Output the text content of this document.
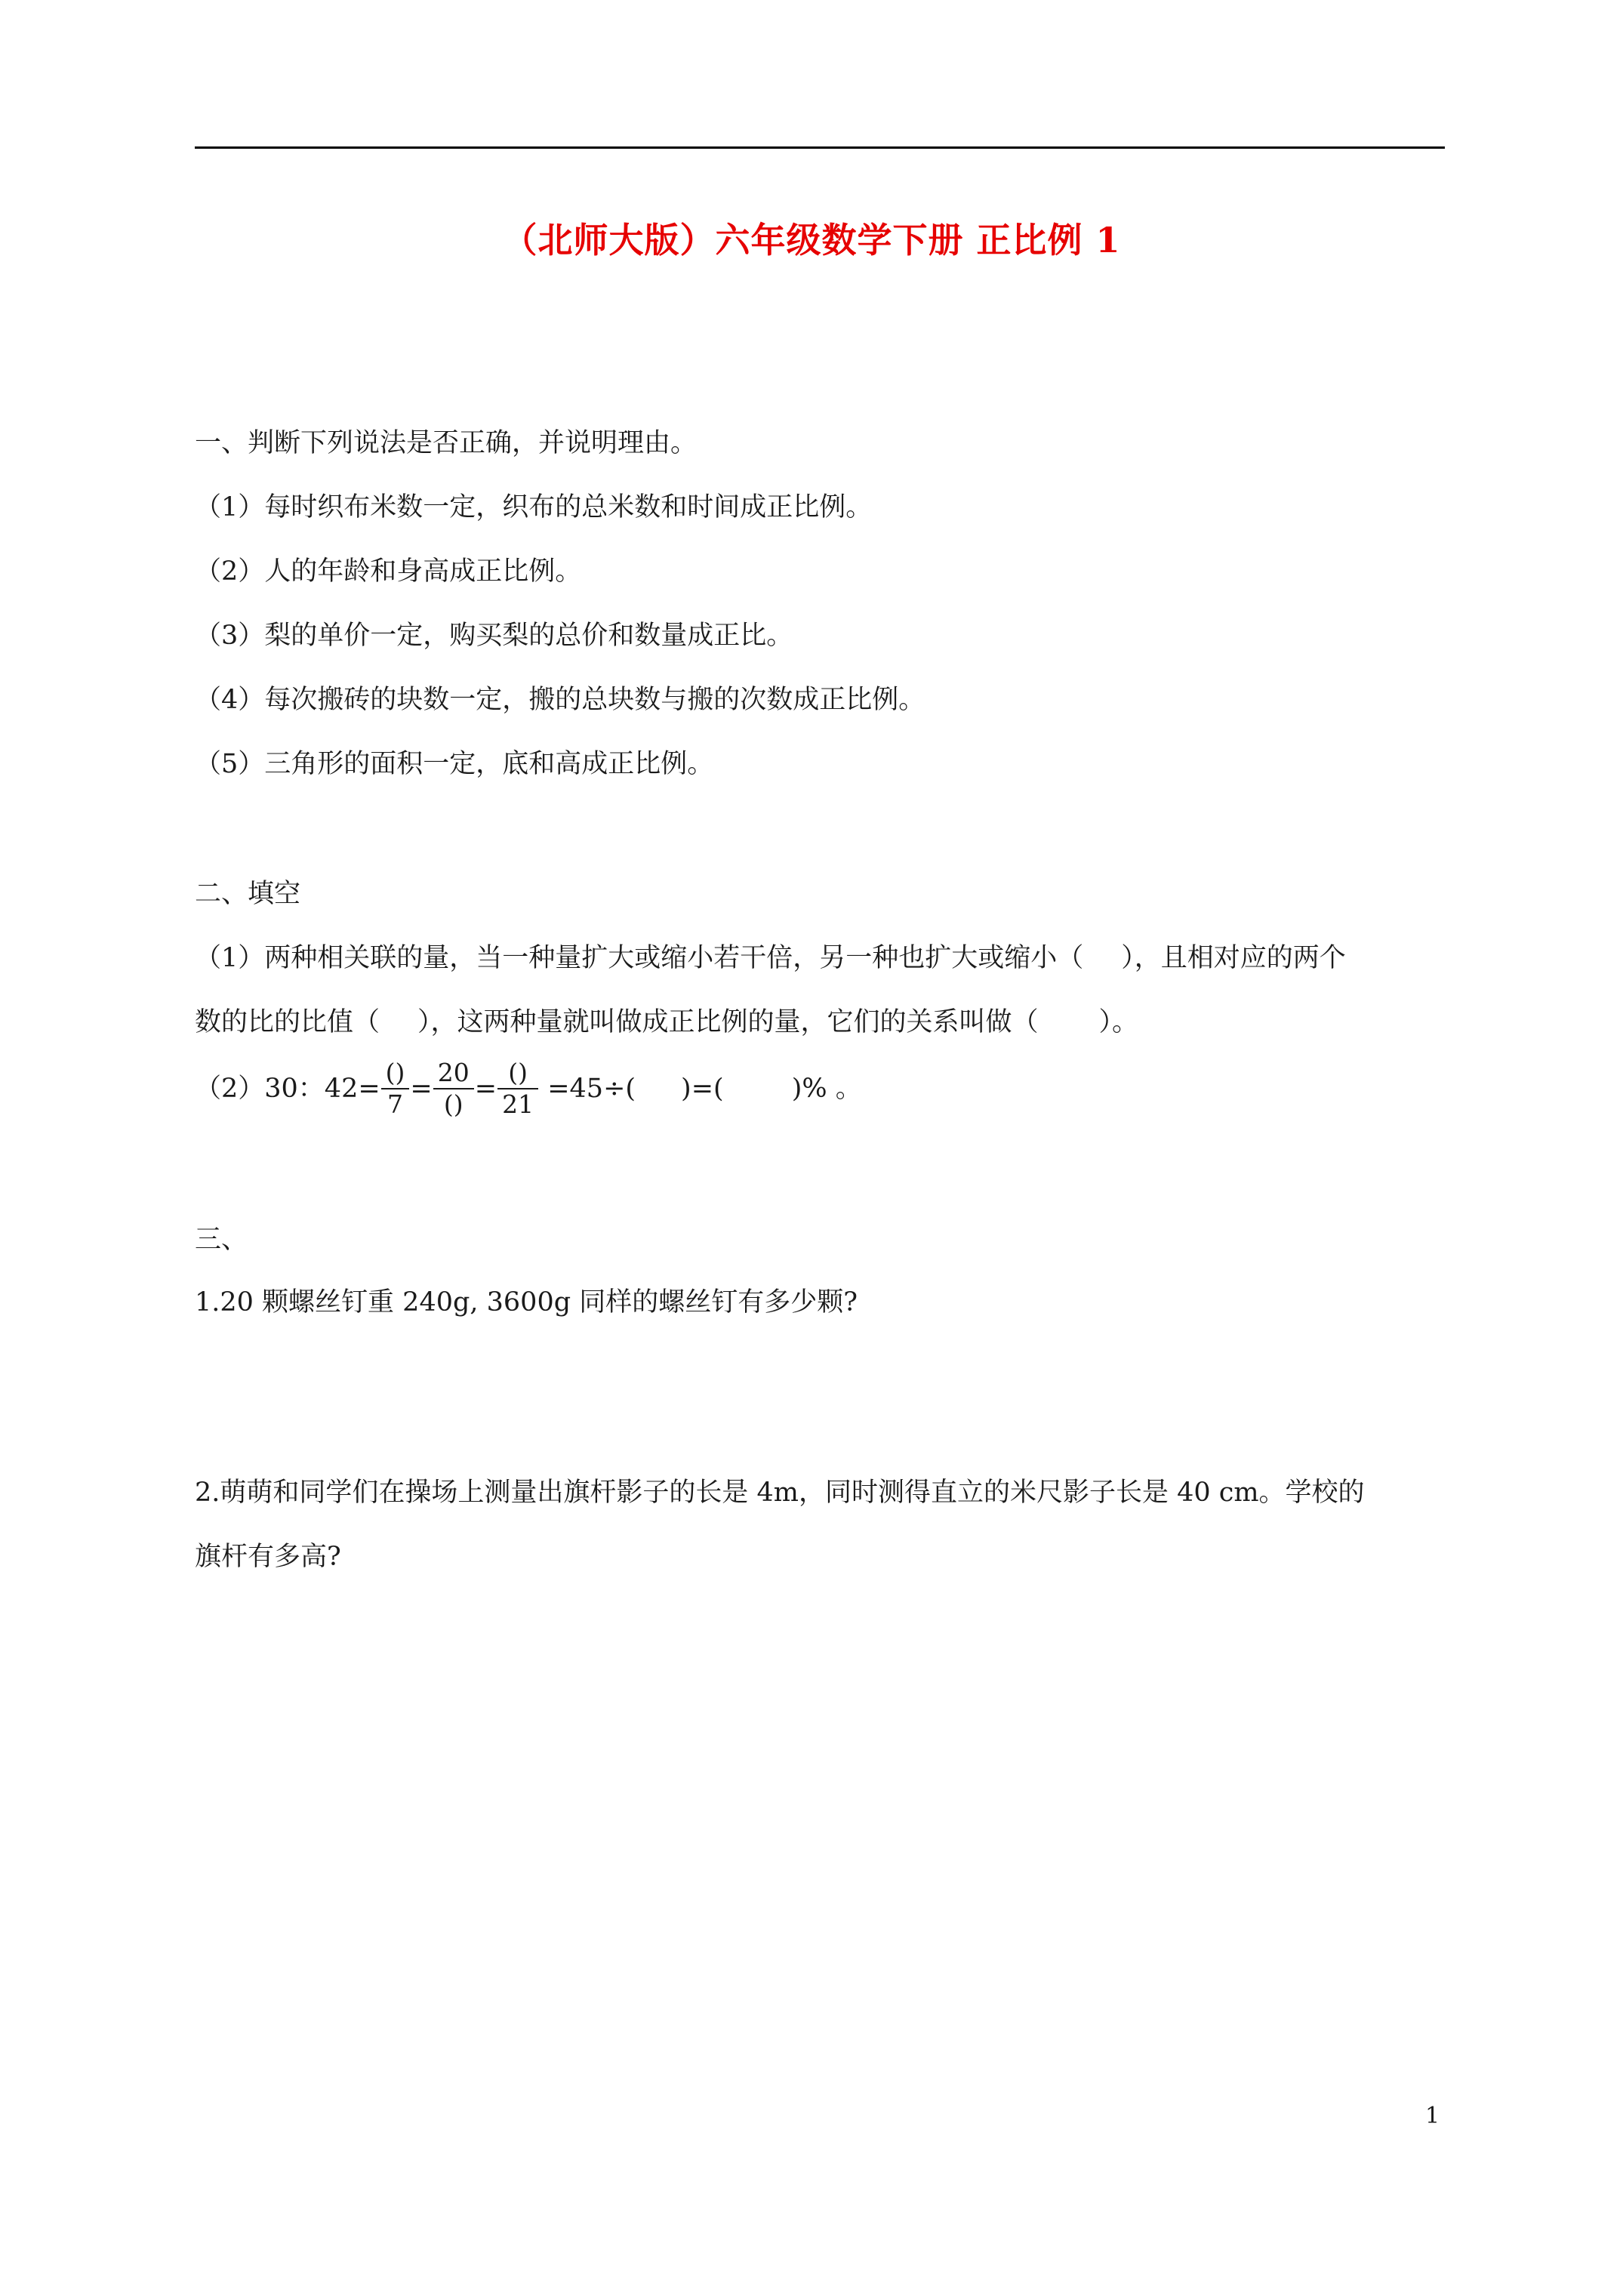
（北师大版）六年级数学下册 正比例 1
一、判断下列说法是否正确，并说明理由。
（1）每时织布米数一定，织布的总米数和时间成正比例。
（2）人的年龄和身高成正比例。
（3）梨的单价一定，购买梨的总价和数量成正比。
（4）每次搬砖的块数一定，搬的总块数与搬的次数成正比例。
（5）三角形的面积一定，底和高成正比例。
二、填空
（1）两种相关联的量，当一种量扩大或缩小若干倍，另一种也扩大或缩小（ ），且相对应的两个
数的比的比值（ ），这两种量就叫做成正比例的量，它们的关系叫做（ ）。
（2）30：$42= \frac{()}{7} = \frac{20}{()} = \frac{()}{21} =45\div$( )=(	)% 。
三、
1.20 颗螺丝钉重 240g, 3600g 同样的螺丝钉有多少颗?
2.萌萌和同学们在操场上测量出旗杆影子的长是 4m，同时测得直立的米尺影子长是 40 cm。学校的
旗杆有多高?
1
